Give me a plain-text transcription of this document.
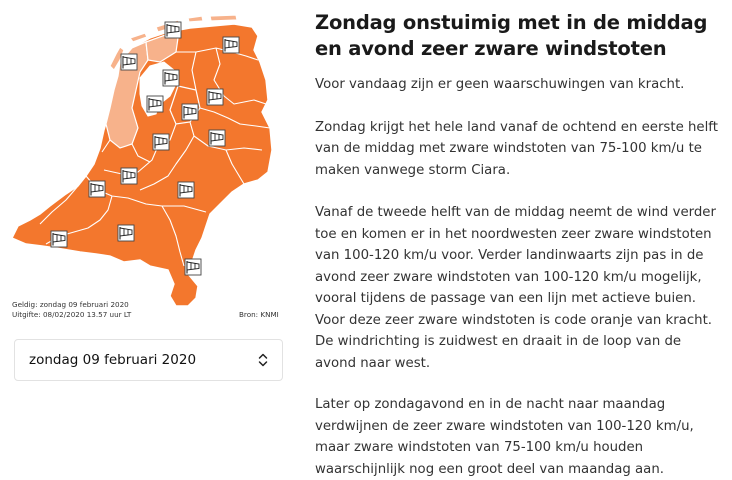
Geldig: zondag 09 februari 2020
Uitgifte: 08/02/2020 13.57 uur LT	Bron: KNMI
zondag 09 februari 2020
Zondag onstuimig met in de middag en avond zeer zware windstoten

Voor vandaag zijn er geen waarschuwingen van kracht.

Zondag krijgt het hele land vanaf de ochtend en eerste helft van de middag met zware windstoten van 75-100 km/u te maken vanwege storm Ciara.

Vanaf de tweede helft van de middag neemt de wind verder toe en komen er in het noordwesten zeer zware windstoten van 100-120 km/u voor. Verder landinwaarts zijn pas in de avond zeer zware windstoten van 100-120 km/u mogelijk, vooral tijdens de passage van een lijn met actieve buien. Voor deze zeer zware windstoten is code oranje van kracht. De windrichting is zuidwest en draait in de loop van de avond naar west.

Later op zondagavond en in de nacht naar maandag verdwijnen de zeer zware windstoten van 100-120 km/u, maar zware windstoten van 75-100 km/u houden waarschijnlijk nog een groot deel van maandag aan.
